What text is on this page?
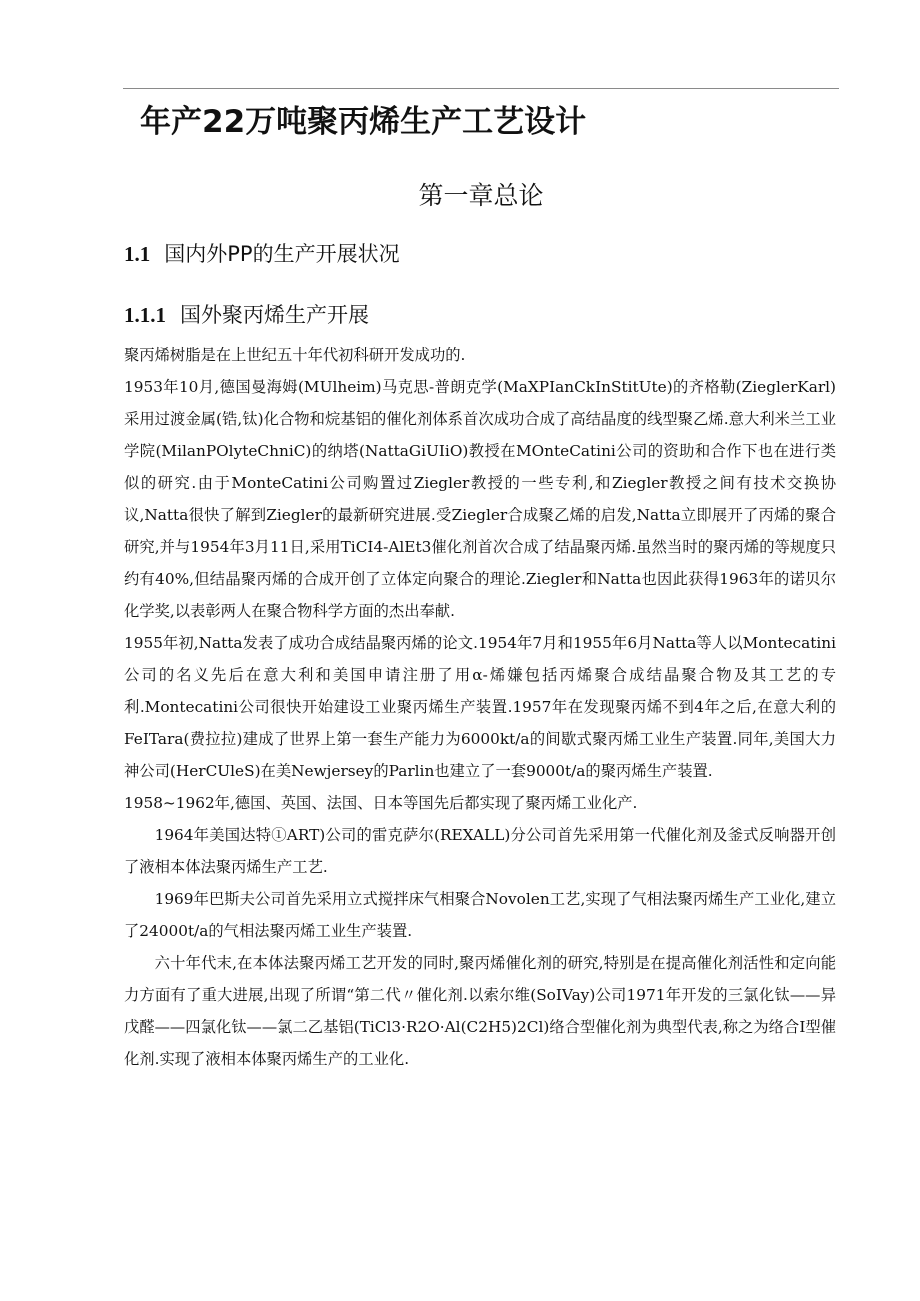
年产22万吨聚丙烯生产工艺设计
第一章总论
1.1 国内外PP的生产开展状况
1.1.1 国外聚丙烯生产开展

聚丙烯树脂是在上世纪五十年代初科研开发成功的.

1953年10月,德国曼海姆(MUlheim)马克思-普朗克学(MaXPIanCkInStitUte)的齐格勒(ZieglerKarl)采用过渡金属(锆,钛)化合物和烷基铝的催化剂体系首次成功合成了高结晶度的线型聚乙烯.意大利米兰工业学院(MilanPOlyteChniC)的纳塔(NattaGiUIiO)教授在MOnteCatini公司的资助和合作下也在进行类似的研究.由于MonteCatini公司购置过Ziegler教授的一些专利,和Ziegler教授之间有技术交换协议,Natta很快了解到Ziegler的最新研究进展.受Ziegler合成聚乙烯的启发,Natta立即展开了丙烯的聚合研究,并与1954年3月11日,采用TiCI4-AlEt3催化剂首次合成了结晶聚丙烯.虽然当时的聚丙烯的等规度只约有40%,但结晶聚丙烯的合成开创了立体定向聚合的理论.Ziegler和Natta也因此获得1963年的诺贝尔化学奖,以表彰两人在聚合物科学方面的杰出奉献.

1955年初,Natta发表了成功合成结晶聚丙烯的论文.1954年7月和1955年6月Natta等人以Montecatini公司的名义先后在意大利和美国申请注册了用α-烯嫌包括丙烯聚合成结晶聚合物及其工艺的专利.Montecatini公司很快开始建设工业聚丙烯生产装置.1957年在发现聚丙烯不到4年之后,在意大利的FeITara(费拉拉)建成了世界上第一套生产能力为6000kt/a的间歇式聚丙烯工业生产装置.同年,美国大力神公司(HerCUleS)在美Newjersey的Parlin也建立了一套9000t/a的聚丙烯生产装置.

1958~1962年,德国、英国、法国、日本等国先后都实现了聚丙烯工业化产.

1964年美国达特①ART)公司的雷克萨尔(REXALL)分公司首先采用第一代催化剂及釜式反响器开创了液相本体法聚丙烯生产工艺.

1969年巴斯夫公司首先采用立式搅拌床气相聚合Novolen工艺,实现了气相法聚丙烯生产工业化,建立了24000t/a的气相法聚丙烯工业生产装置.

六十年代末,在本体法聚丙烯工艺开发的同时,聚丙烯催化剂的研究,特别是在提高催化剂活性和定向能力方面有了重大进展,出现了所谓“第二代〃催化剂.以索尔维(SoIVay)公司1971年开发的三氯化钛——异戊醛——四氯化钛——氯二乙基铝(TiCl3·R2O·Al(C2H5)2Cl)络合型催化剂为典型代表,称之为络合I型催化剂.实现了液相本体聚丙烯生产的工业化.
